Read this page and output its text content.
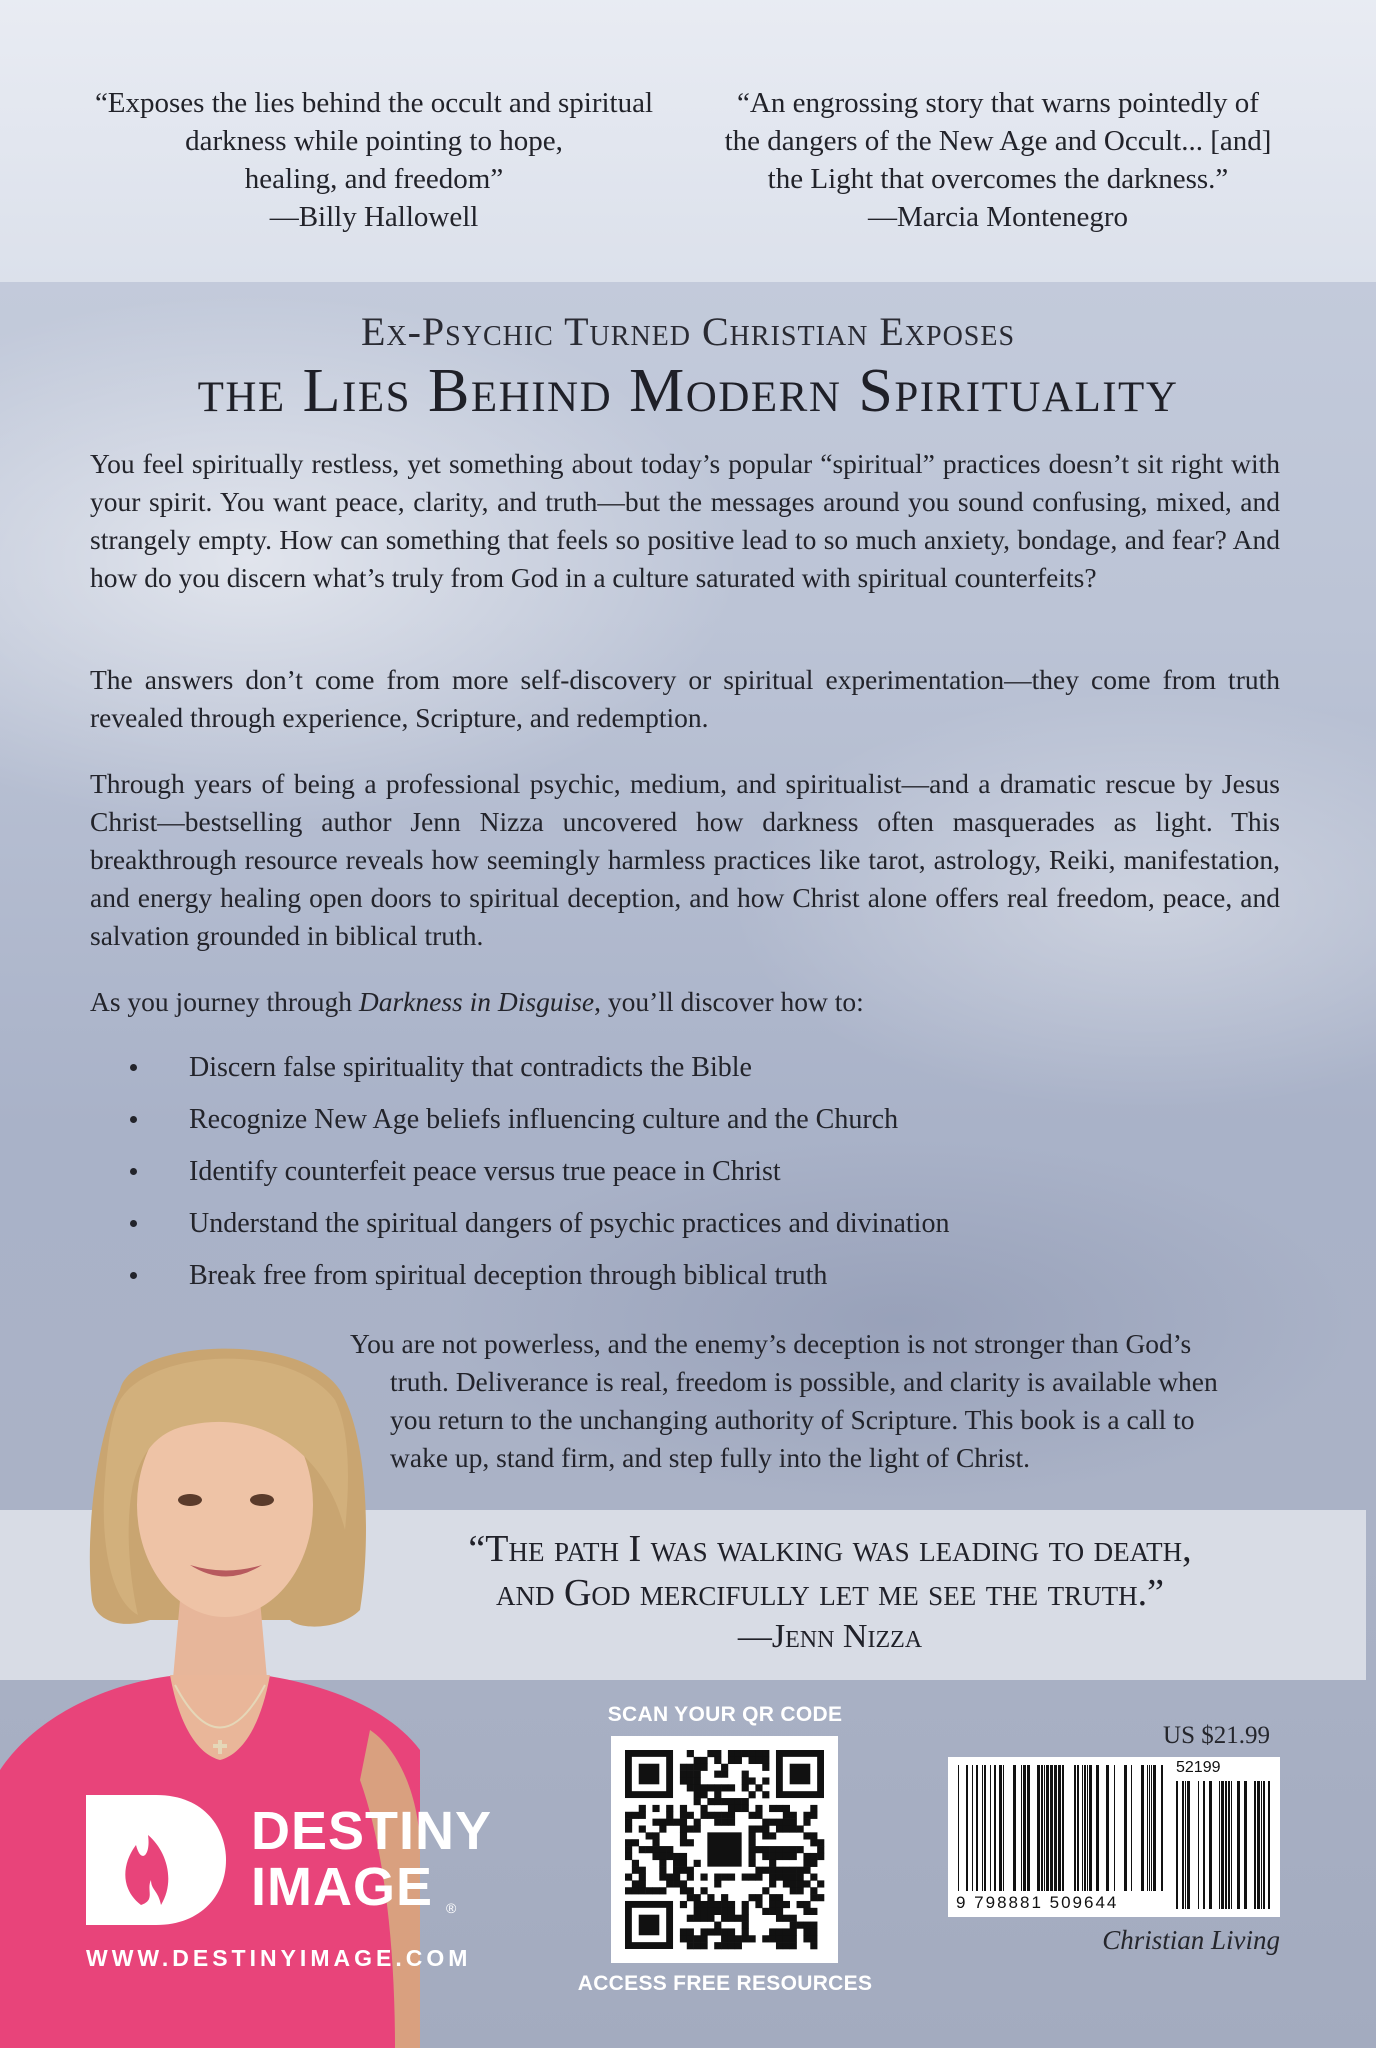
“Exposes the lies behind the occult and spiritual
darkness while pointing to hope,
healing, and freedom”
—Billy Hallowell
“An engrossing story that warns pointedly of
the dangers of the New Age and Occult... [and]
the Light that overcomes the darkness.”
—Marcia Montenegro
Ex-Psychic Turned Christian Exposes
the Lies Behind Modern Spirituality
You feel spiritually restless, yet something about today’s popular “spiritual” practices doesn’t sit right with your spirit. You want peace, clarity, and truth—but the messages around you sound confusing, mixed, and strangely empty. How can something that feels so positive lead to so much anxiety, bondage, and fear? And how do you discern what’s truly from God in a culture saturated with spiritual counterfeits?
The answers don’t come from more self-discovery or spiritual experimentation—they come from truth revealed through experience, Scripture, and redemption.
Through years of being a professional psychic, medium, and spiritualist—and a dramatic rescue by Jesus Christ—bestselling author Jenn Nizza uncovered how darkness often masquerades as light. This breakthrough resource reveals how seemingly harmless practices like tarot, astrology, Reiki, manifestation, and energy healing open doors to spiritual deception, and how Christ alone offers real freedom, peace, and salvation grounded in biblical truth.
As you journey through Darkness in Disguise, you’ll discover how to:
Discern false spirituality that contradicts the Bible
Recognize New Age beliefs influencing culture and the Church
Identify counterfeit peace versus true peace in Christ
Understand the spiritual dangers of psychic practices and divination
Break free from spiritual deception through biblical truth
You are not powerless, and the enemy’s deception is not stronger than God’s
truth. Deliverance is real, freedom is possible, and clarity is available when
you return to the unchanging authority of Scripture. This book is a call to
wake up, stand firm, and step fully into the light of Christ.
“The path I was walking was leading to death,
and God mercifully let me see the truth.”
—Jenn Nizza
DESTINY
IMAGE ®
WWW.DESTINYIMAGE.COM
SCAN YOUR QR CODE
ACCESS FREE RESOURCES
US $21.99
52199
9 798881 509644
Christian Living
